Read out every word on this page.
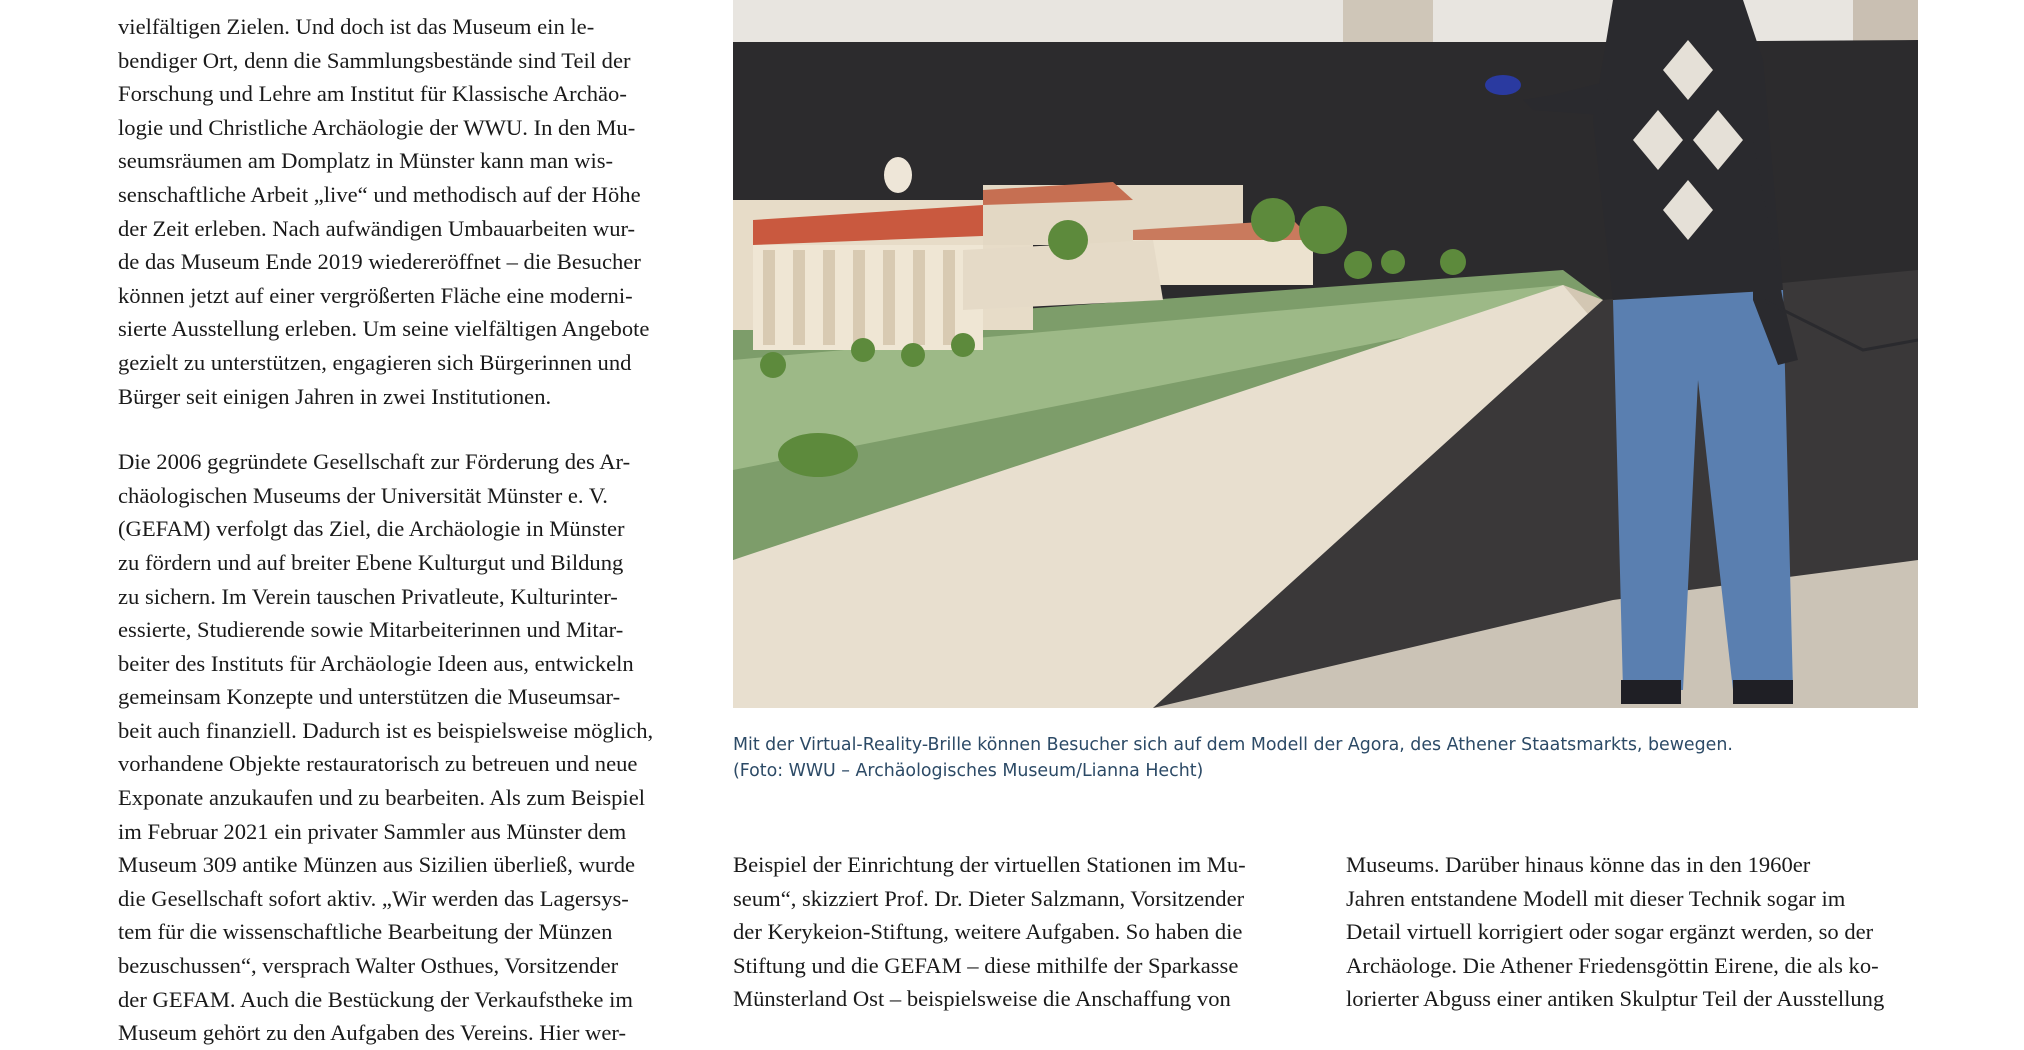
vielfältigen Zielen. Und doch ist das Museum ein le-

bendiger Ort, denn die Sammlungsbestände sind Teil der

Forschung und Lehre am Institut für Klassische Archäo-

logie und Christliche Archäologie der WWU. In den Mu-

seumsräumen am Domplatz in Münster kann man wis-

senschaftliche Arbeit „live“ und methodisch auf der Höhe

der Zeit erleben. Nach aufwändigen Umbauarbeiten wur-

de das Museum Ende 2019 wiedereröffnet – die Besucher

können jetzt auf einer vergrößerten Fläche eine moderni-

sierte Ausstellung erleben. Um seine vielfältigen Angebote

gezielt zu unterstützen, engagieren sich Bürgerinnen und

Bürger seit einigen Jahren in zwei Institutionen.

Die 2006 gegründete Gesellschaft zur Förderung des Ar-

chäologischen Museums der Universität Münster e. V.

(GEFAM) verfolgt das Ziel, die Archäologie in Münster

zu fördern und auf breiter Ebene Kulturgut und Bildung

zu sichern. Im Verein tauschen Privatleute, Kulturinter-

essierte, Studierende sowie Mitarbeiterinnen und Mitar-

beiter des Instituts für Archäologie Ideen aus, entwickeln

gemeinsam Konzepte und unterstützen die Museumsar-

beit auch finanziell. Dadurch ist es beispielsweise möglich,

vorhandene Objekte restauratorisch zu betreuen und neue

Exponate anzukaufen und zu bearbeiten. Als zum Beispiel

im Februar 2021 ein privater Sammler aus Münster dem

Museum 309 antike Münzen aus Sizilien überließ, wurde

die Gesellschaft sofort aktiv. „Wir werden das Lagersys-

tem für die wissenschaftliche Bearbeitung der Münzen

bezuschussen“, versprach Walter Osthues, Vorsitzender

der GEFAM. Auch die Bestückung der Verkaufstheke im

Museum gehört zu den Aufgaben des Vereins. Hier wer-

Mit der Virtual-Reality-Brille können Besucher sich auf dem Modell der Agora, des Athener Staatsmarkts, bewegen.
(Foto: WWU – Archäologisches Museum/Lianna Hecht)

Beispiel der Einrichtung der virtuellen Stationen im Mu-

seum“, skizziert Prof. Dr. Dieter Salzmann, Vorsitzender

der Kerykeion-Stiftung, weitere Aufgaben. So haben die

Stiftung und die GEFAM – diese mithilfe der Sparkasse

Münsterland Ost – beispielsweise die Anschaffung von

Museums. Darüber hinaus könne das in den 1960er

Jahren entstandene Modell mit dieser Technik sogar im

Detail virtuell korrigiert oder sogar ergänzt werden, so der

Archäologe. Die Athener Friedensgöttin Eirene, die als ko-

lorierter Abguss einer antiken Skulptur Teil der Ausstellung
